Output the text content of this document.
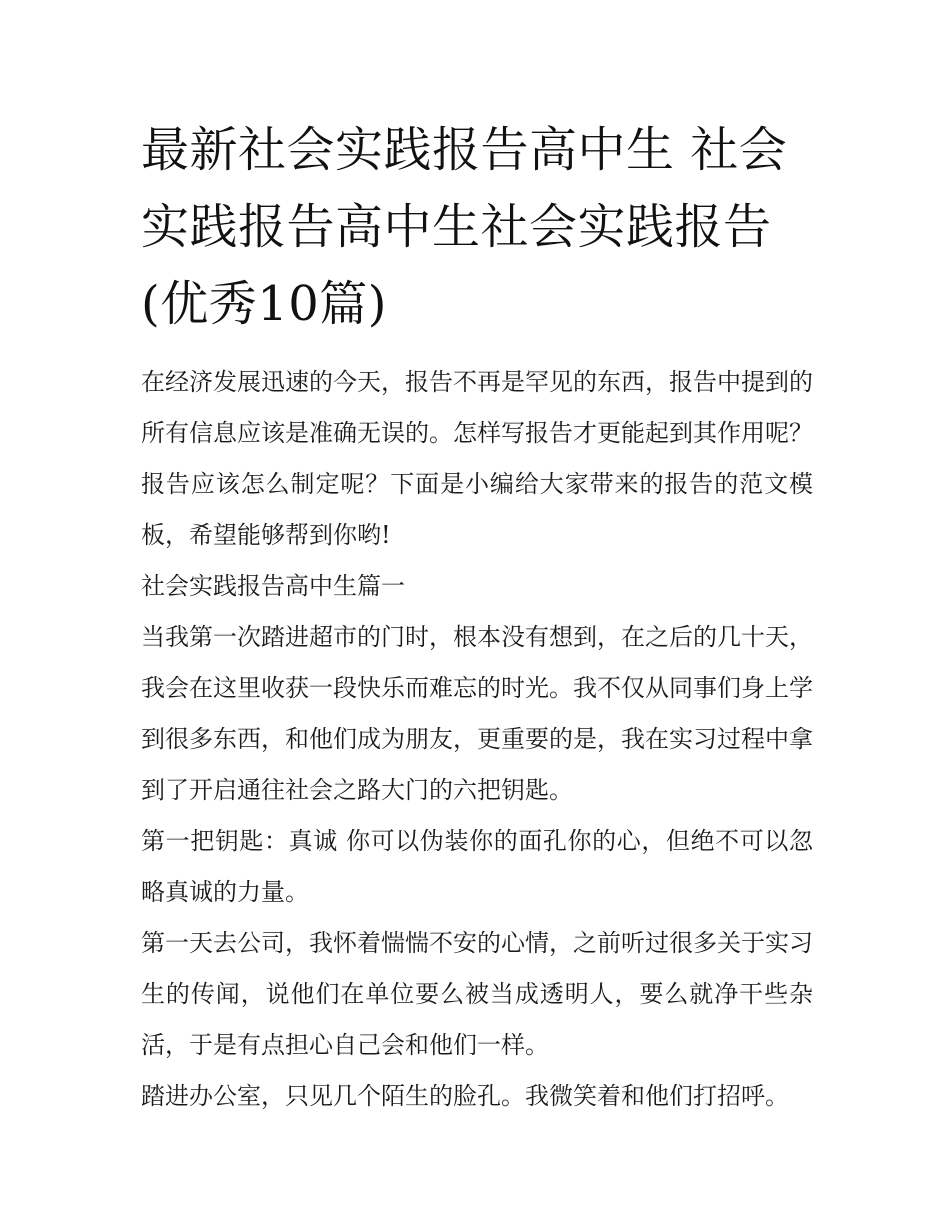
最新社会实践报告高中生 社会实践报告高中生社会实践报告(优秀10篇)

在经济发展迅速的今天，报告不再是罕见的东西，报告中提到的所有信息应该是准确无误的。怎样写报告才更能起到其作用呢？报告应该怎么制定呢？下面是小编给大家带来的报告的范文模板，希望能够帮到你哟!

社会实践报告高中生篇一

当我第一次踏进超市的门时，根本没有想到，在之后的几十天，我会在这里收获一段快乐而难忘的时光。我不仅从同事们身上学到很多东西，和他们成为朋友，更重要的是，我在实习过程中拿到了开启通往社会之路大门的六把钥匙。

第一把钥匙：真诚 你可以伪装你的面孔你的心，但绝不可以忽略真诚的力量。

第一天去公司，我怀着惴惴不安的心情，之前听过很多关于实习生的传闻，说他们在单位要么被当成透明人，要么就净干些杂活，于是有点担心自己会和他们一样。

踏进办公室，只见几个陌生的脸孔。我微笑着和他们打招呼。
